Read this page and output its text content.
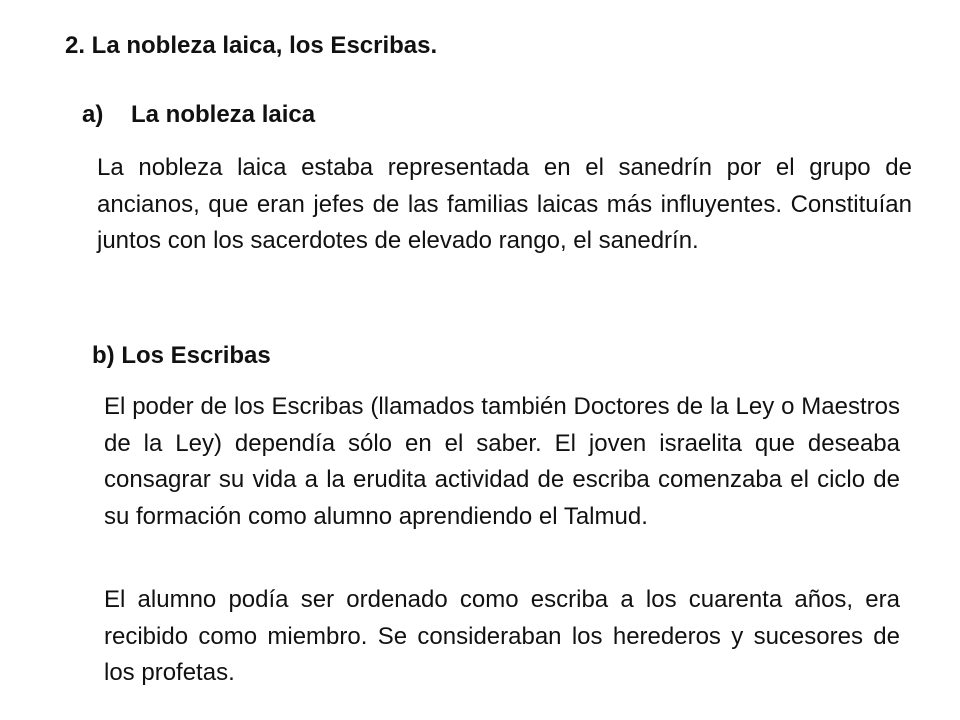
2. La nobleza laica, los Escribas.
a) La nobleza laica

La nobleza laica estaba representada en el sanedrín por el grupo de ancianos, que eran jefes de las familias laicas más influyentes. Constituían juntos con los sacerdotes de elevado rango, el sanedrín.

b) Los Escribas

El poder de los Escribas (llamados también Doctores de la Ley o Maestros de la Ley) dependía sólo en el saber. El joven israelita que deseaba consagrar su vida a la erudita actividad de escriba comenzaba el ciclo de su formación como alumno aprendiendo el Talmud.

El alumno podía ser ordenado como escriba a los cuarenta años, era recibido como miembro. Se consideraban los herederos y sucesores de los profetas.
